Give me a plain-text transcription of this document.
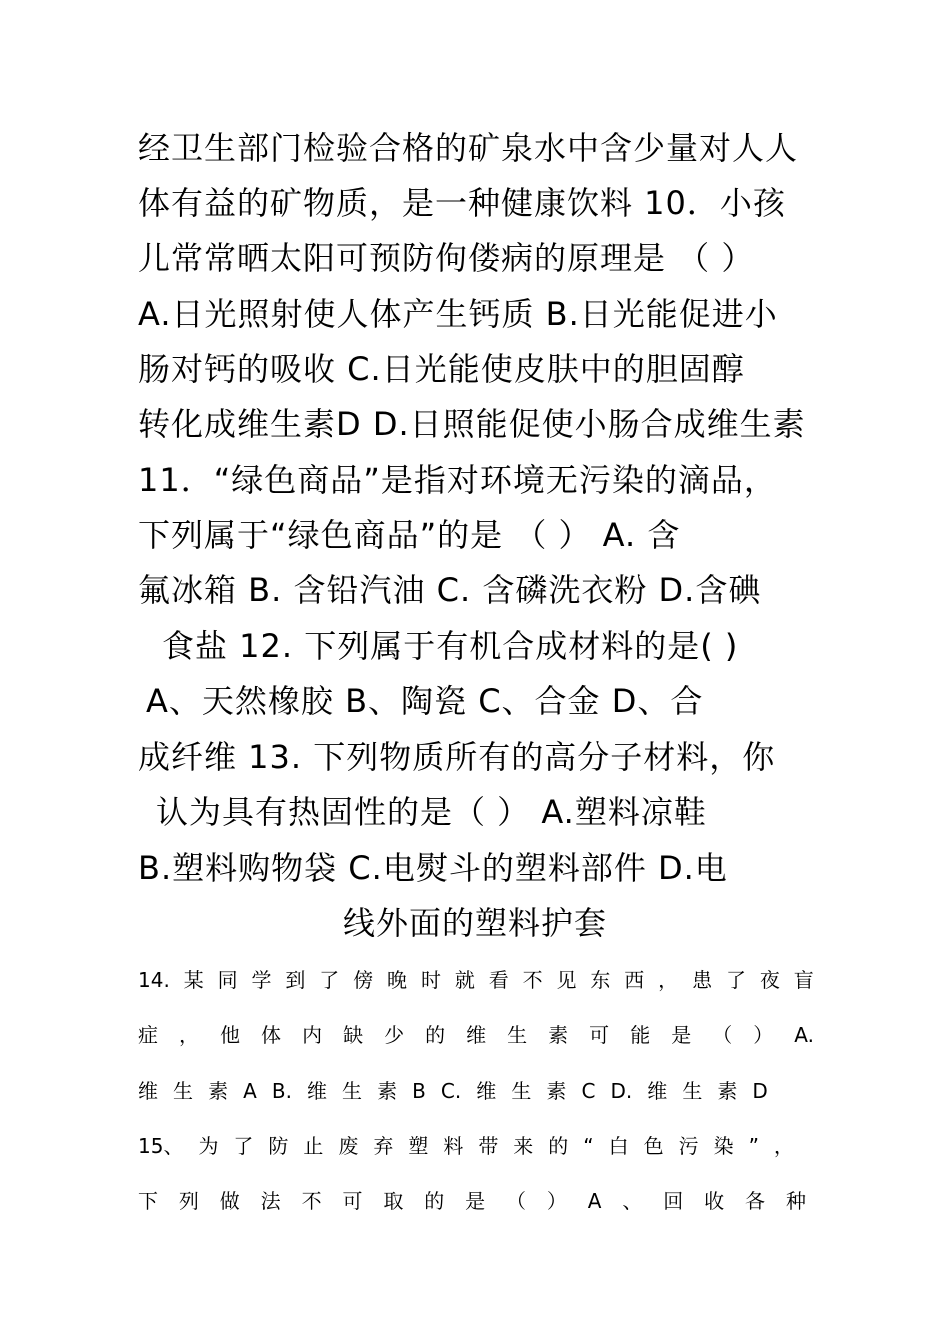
经卫生部门检验合格的矿泉水中含少量对人人
体有益的矿物质，是一种健康饮料 10．小孩
儿常常晒太阳可预防佝偻病的原理是 （ ）
A.日光照射使人体产生钙质 B.日光能促进小
肠对钙的吸收 C.日光能使皮肤中的胆固醇
转化成维生素D D.日照能促使小肠合成维生素
11．“绿色商品”是指对环境无污染的滴品，
下列属于“绿色商品”的是 （ ） A. 含
氟冰箱 B. 含铅汽油 C. 含磷洗衣粉 D.含碘
食盐 12. 下列属于有机合成材料的是( )
A、天然橡胶 B、陶瓷 C、合金 D、合
成纤维 13. 下列物质所有的高分子材料，你
认为具有热固性的是（ ） A.塑料凉鞋
B.塑料购物袋 C.电熨斗的塑料部件 D.电
线外面的塑料护套
14. 某 同 学 到 了 傍 晚 时 就 看 不 见 东 西 ， 患 了 夜 盲
症 ， 他 体 内 缺 少 的 维 生 素 可 能 是 （ ） A.
维 生 素 A B. 维 生 素 B C. 维 生 素 C D. 维 生 素 D
15、 为 了 防 止 废 弃 塑 料 带 来 的 “ 白 色 污 染 ” ，
下 列 做 法 不 可 取 的 是 （ ） A 、 回 收 各 种
